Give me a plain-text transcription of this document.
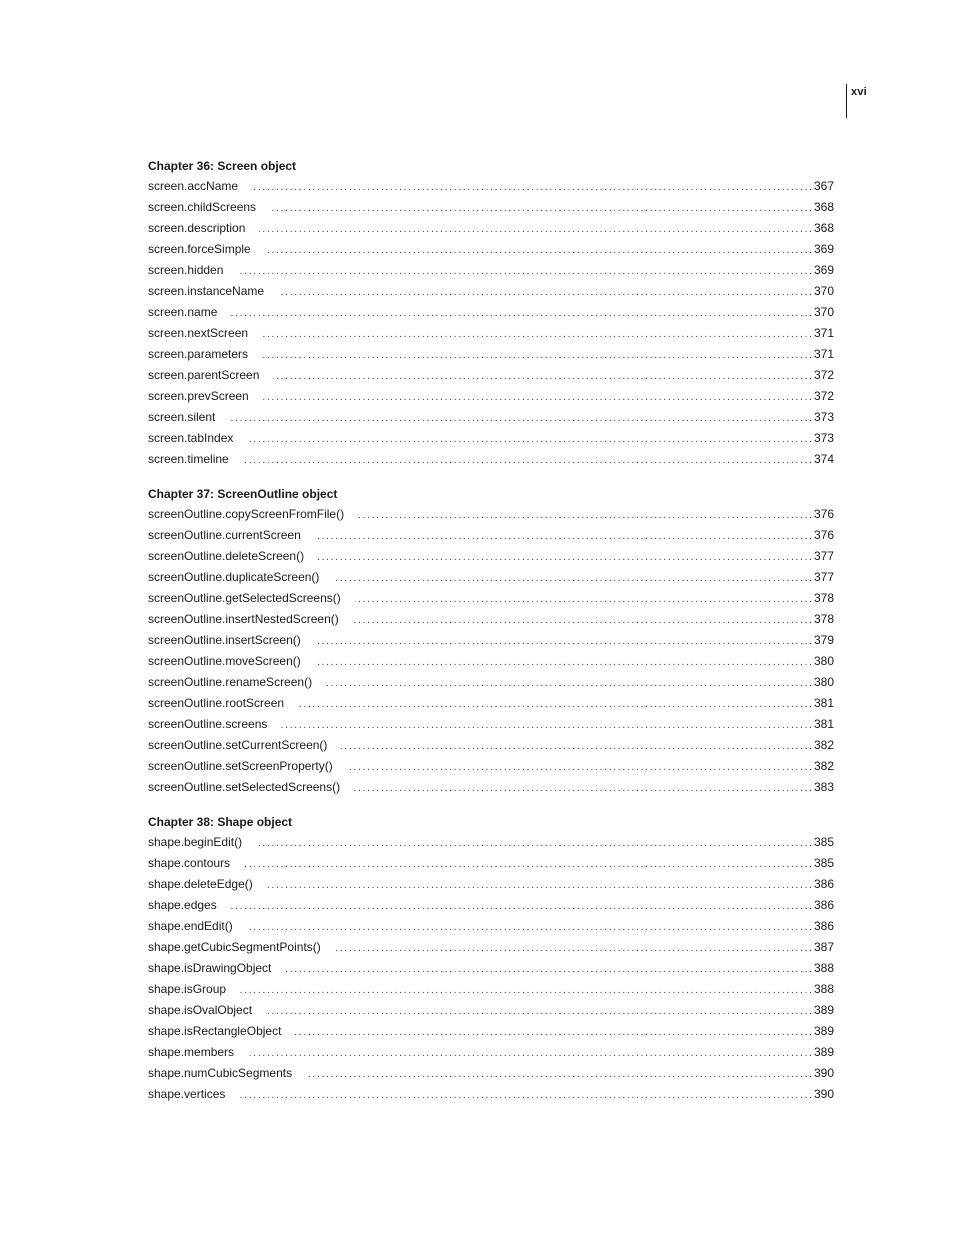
xvi
Chapter 36: Screen object
screen.accName . . .	367
screen.childScreens . . .	368
screen.description . . .	368
screen.forceSimple . . .	369
screen.hidden . . .	369
screen.instanceName . . .	370
screen.name . . .	370
screen.nextScreen . . .	371
screen.parameters . . .	371
screen.parentScreen . . .	372
screen.prevScreen . . .	372
screen.silent . . .	373
screen.tabIndex . . .	373
screen.timeline . . .	374
Chapter 37: ScreenOutline object
screenOutline.copyScreenFromFile() . . .	376
screenOutline.currentScreen . . .	376
screenOutline.deleteScreen() . . .	377
screenOutline.duplicateScreen() . . .	377
screenOutline.getSelectedScreens() . . .	378
screenOutline.insertNestedScreen() . . .	378
screenOutline.insertScreen() . . .	379
screenOutline.moveScreen() . . .	380
screenOutline.renameScreen() . . .	380
screenOutline.rootScreen . . .	381
screenOutline.screens . . .	381
screenOutline.setCurrentScreen() . . .	382
screenOutline.setScreenProperty() . . .	382
screenOutline.setSelectedScreens() . . .	383
Chapter 38: Shape object
shape.beginEdit() . . .	385
shape.contours . . .	385
shape.deleteEdge() . . .	386
shape.edges . . .	386
shape.endEdit() . . .	386
shape.getCubicSegmentPoints() . . .	387
shape.isDrawingObject . . .	388
shape.isGroup . . .	388
shape.isOvalObject . . .	389
shape.isRectangleObject . . .	389
shape.members . . .	389
shape.numCubicSegments . . .	390
shape.vertices . . .	390
